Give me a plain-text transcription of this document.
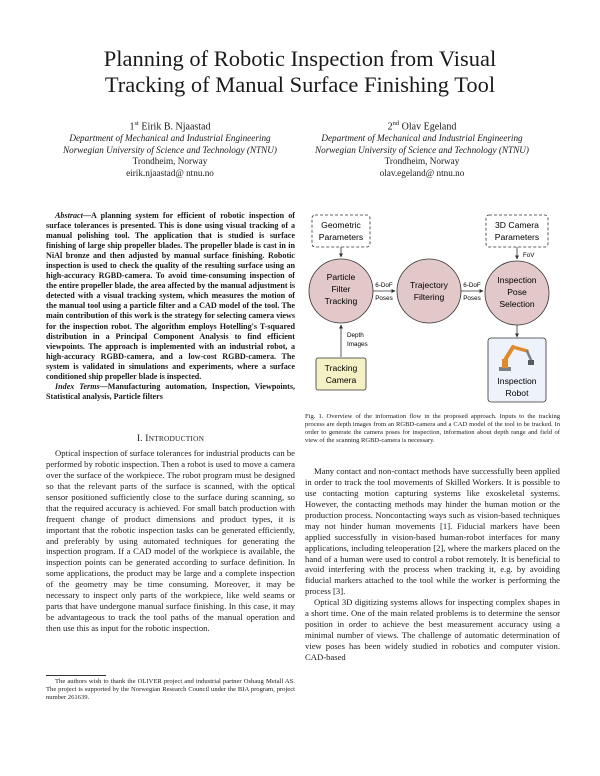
Planning of Robotic Inspection from Visual
Tracking of Manual Surface Finishing Tool
1st Eirik B. Njaastad
Department of Mechanical and Industrial Engineering
Norwegian University of Science and Technology (NTNU)
Trondheim, Norway
eirik.njaastad@ ntnu.no
2nd Olav Egeland
Department of Mechanical and Industrial Engineering
Norwegian University of Science and Technology (NTNU)
Trondheim, Norway
olav.egeland@ ntnu.no

Abstract—A planning system for efficient of robotic inspection of surface tolerances is presented. This is done using visual tracking of a manual polishing tool. The application that is studied is surface finishing of large ship propeller blades. The propeller blade is cast in in NiAl bronze and then adjusted by manual surface finishing. Robotic inspection is used to check the quality of the resulting surface using an high-accuracy RGBD-camera. To avoid time-consuming inspection of the entire propeller blade, the area affected by the manual adjustment is detected with a visual tracking system, which measures the motion of the manual tool using a particle filter and a CAD model of the tool. The main contribution of this work is the strategy for selecting camera views for the inspection robot. The algorithm employs Hotelling's T-squared distribution in a Principal Component Analysis to find efficient viewpoints. The approach is implemented with an industrial robot, a high-accuracy RGBD-camera, and a low-cost RGBD-camera. The system is validated in simulations and experiments, where a surface conditioned ship propeller blade is inspected.

Index Terms—Manufacturing automation, Inspection, Viewpoints, Statistical analysis, Particle filters

I. INTRODUCTION

Optical inspection of surface tolerances for industrial products can be performed by robotic inspection. Then a robot is used to move a camera over the surface of the workpiece. The robot program must be designed so that the relevant parts of the surface is scanned, with the optical sensor positioned sufficiently close to the surface during scanning, so that the required accuracy is achieved. For small batch production with frequent change of product dimensions and product types, it is important that the robotic inspection tasks can be generated efficiently, and preferably by using automated techniques for generating the inspection program. If a CAD model of the workpiece is available, the inspection points can be generated according to surface definition. In some applications, the product may be large and a complete inspection of the geometry may be time consuming. Moreover, it may be necessary to inspect only parts of the workpiece, like weld seams or parts that have undergone manual surface finishing. In this case, it may be advantageous to track the tool paths of the manual operation and then use this as input for the robotic inspection.

The authors wish to thank the OLIVER project and industrial partner Oshaug Metall AS. The project is supported by the Norwegian Research Council under the BIA program, project number 261639.
Geometric
Parameters
3D Camera
Parameters
FoV
Particle
Filter
Tracking
Trajectory
Filtering
Inspection
Pose
Selection
6-DoF
Poses
6-DoF
Poses
Depth
Images
Tracking
Camera	Inspection
Robot
Fig. 1. Overview of the information flow in the proposed approach. Inputs to the tracking process are depth images from an RGBD-camera and a CAD model of the tool to be tracked. In order to generate the camera poses for inspection, information about depth range and field of view of the scanning RGBD-camera is necessary.

Many contact and non-contact methods have successfully been applied in order to track the tool movements of Skilled Workers. It is possible to use contacting motion capturing systems like exoskeletal systems. However, the contacting methods may hinder the human motion or the production process. Noncontacting ways such as vision-based techniques may not hinder human movements [1]. Fiducial markers have been applied successfully in vision-based human-robot interfaces for many applications, including teleoperation [2], where the markers placed on the hand of a human were used to control a robot remotely. It is beneficial to avoid interfering with the process when tracking it, e.g. by avoiding fiducial markers attached to the tool while the worker is performing the process [3].

Optical 3D digitizing systems allows for inspecting complex shapes in a short time. One of the main related problems is to determine the sensor position in order to achieve the best measurement accuracy using a minimal number of views. The challenge of automatic determination of view poses has been widely studied in robotics and computer vision. CAD-based
